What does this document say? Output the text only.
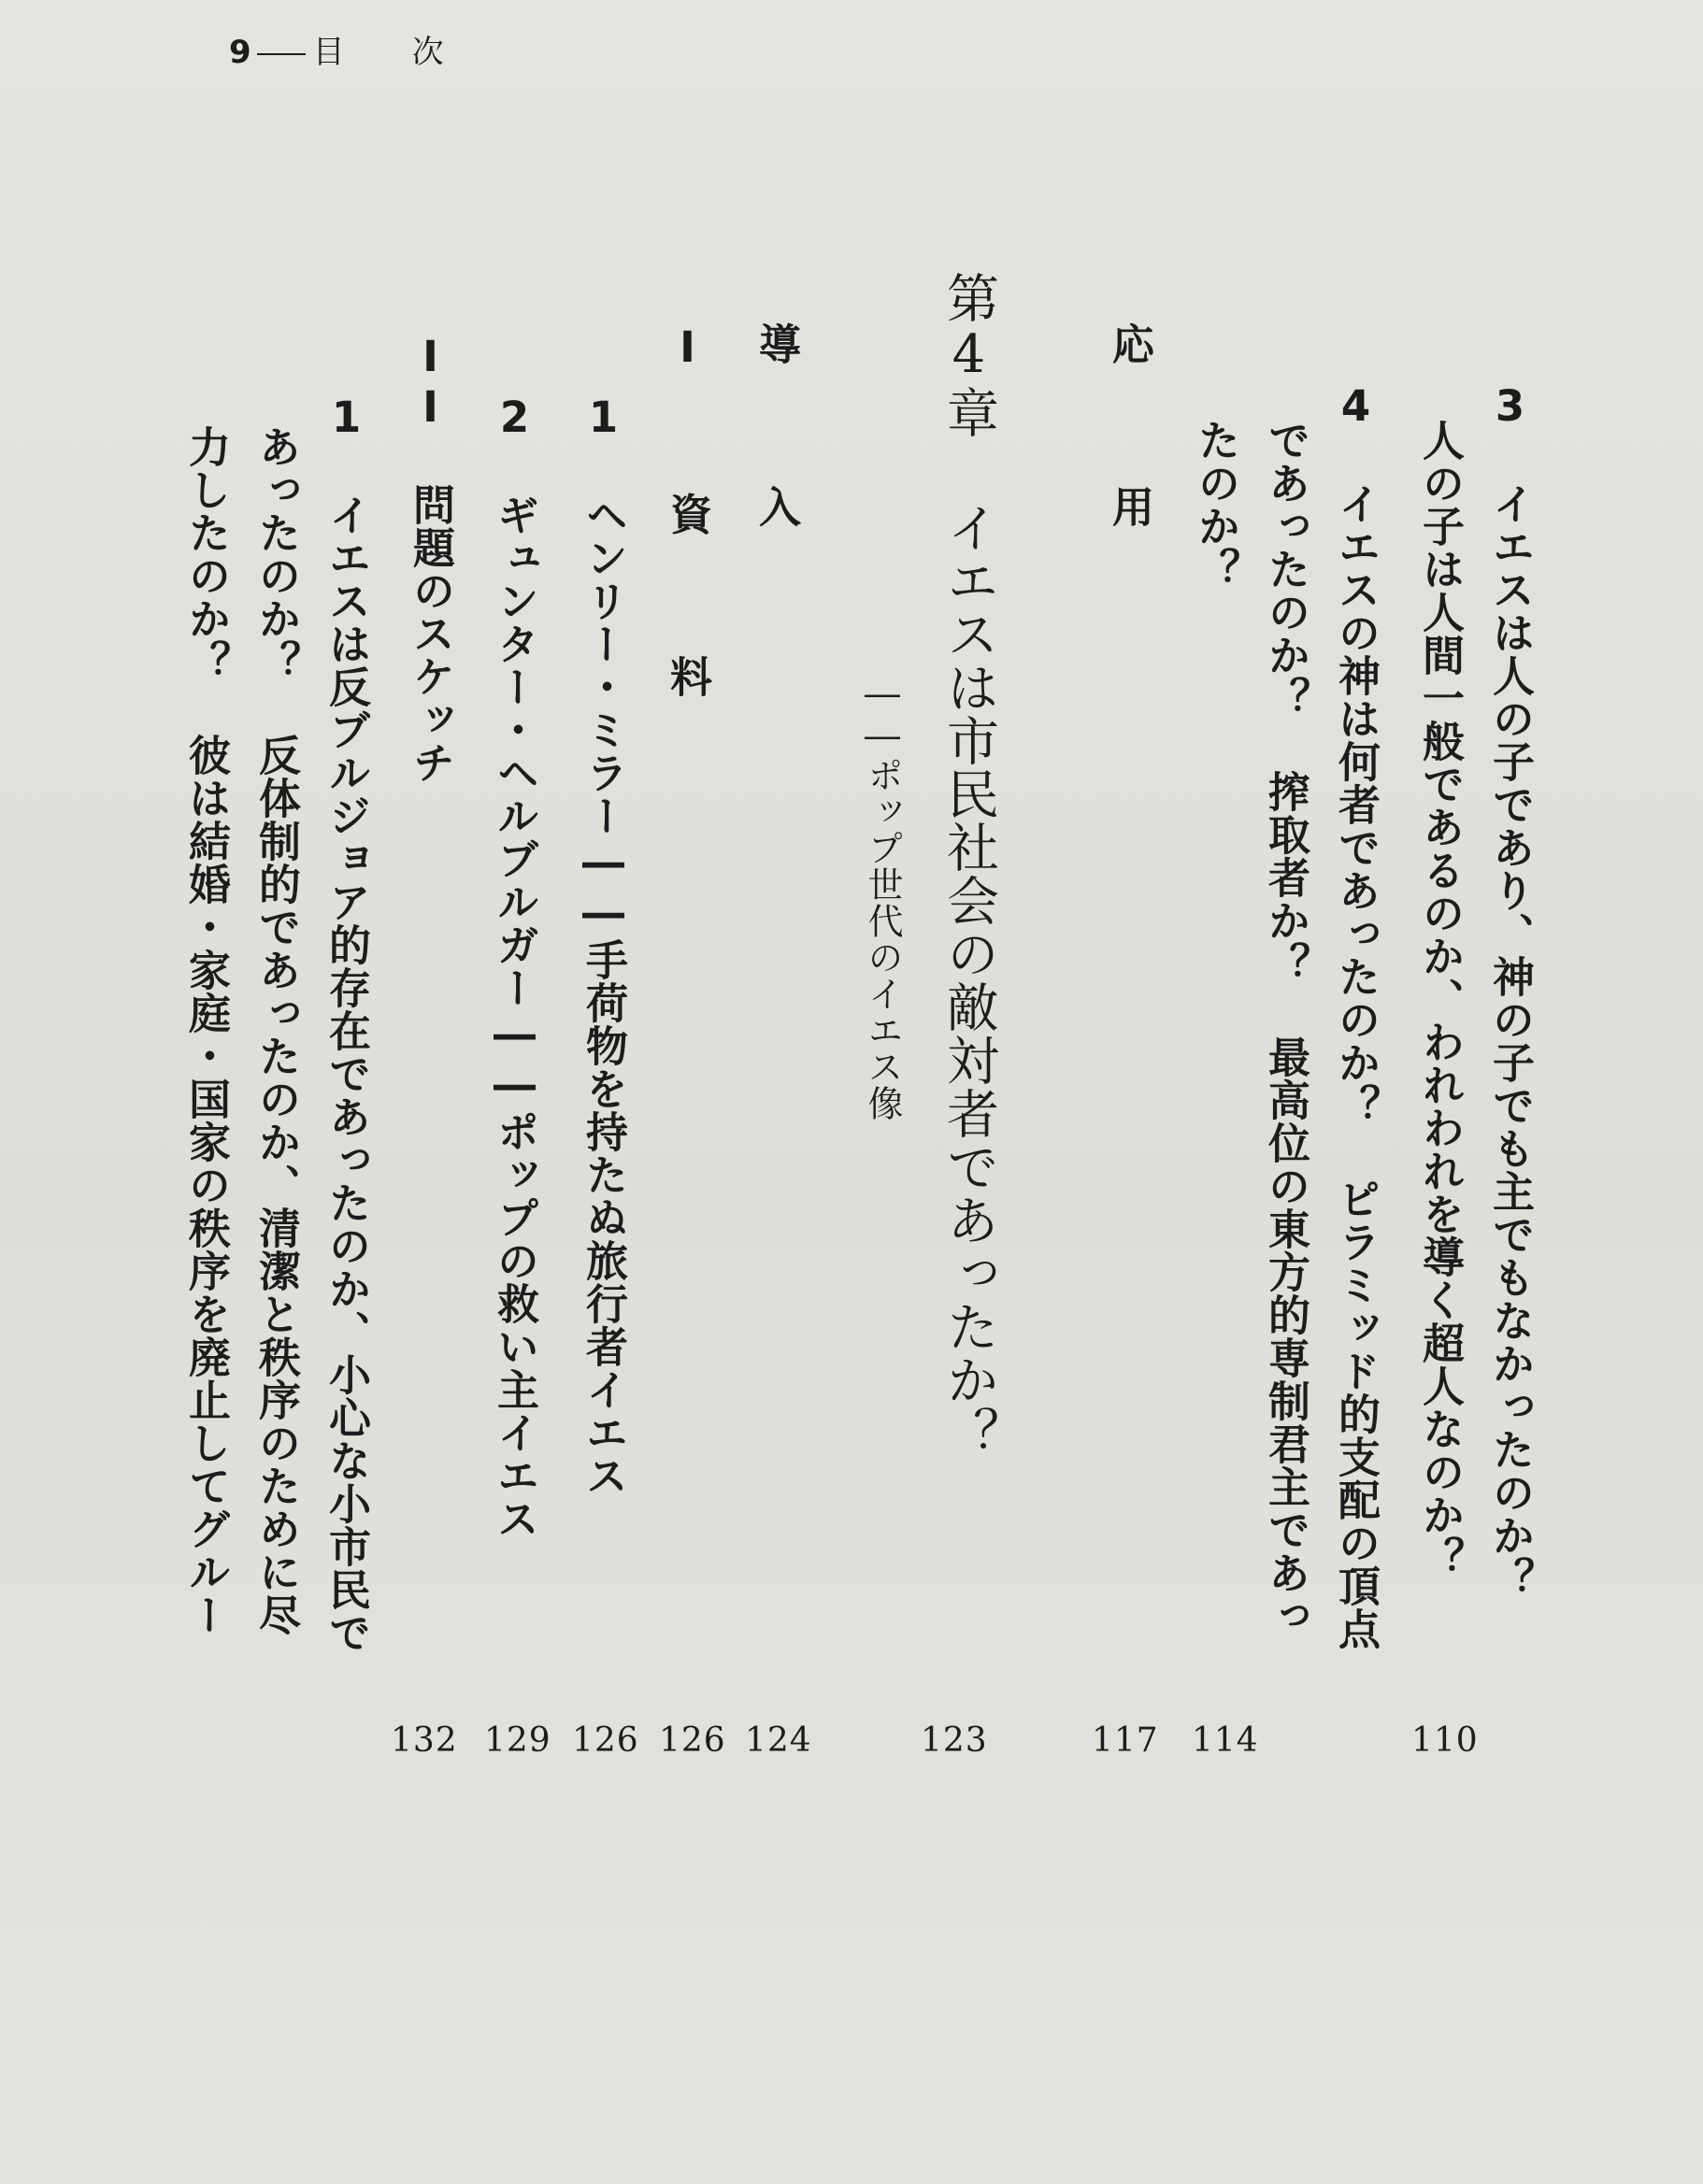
9 目 次
3 イエスは人の子であり、神の子でも主でもなかったのか？
人の子は人間一般であるのか、われわれを導く超人なのか？
4 イエスの神は何者であったのか？ ピラミッド的支配の頂点
であったのか？ 搾取者か？ 最高位の東方的専制君主であっ
たのか？
応 用
第4章 イエスは市民社会の敵対者であったか？
――ポップ世代のイエス像
導 入
I 資 料
1 ヘンリー・ミラー――手荷物を持たぬ旅行者イエス
2 ギュンター・ヘルブルガー――ポップの救い主イエス
II 問題のスケッチ
1 イエスは反ブルジョア的存在であったのか、小心な小市民で
あったのか？ 反体制的であったのか、清潔と秩序のために尽
力したのか？ 彼は結婚・家庭・国家の秩序を廃止してグルー
110
114
117
123
124
126
126
129
132
